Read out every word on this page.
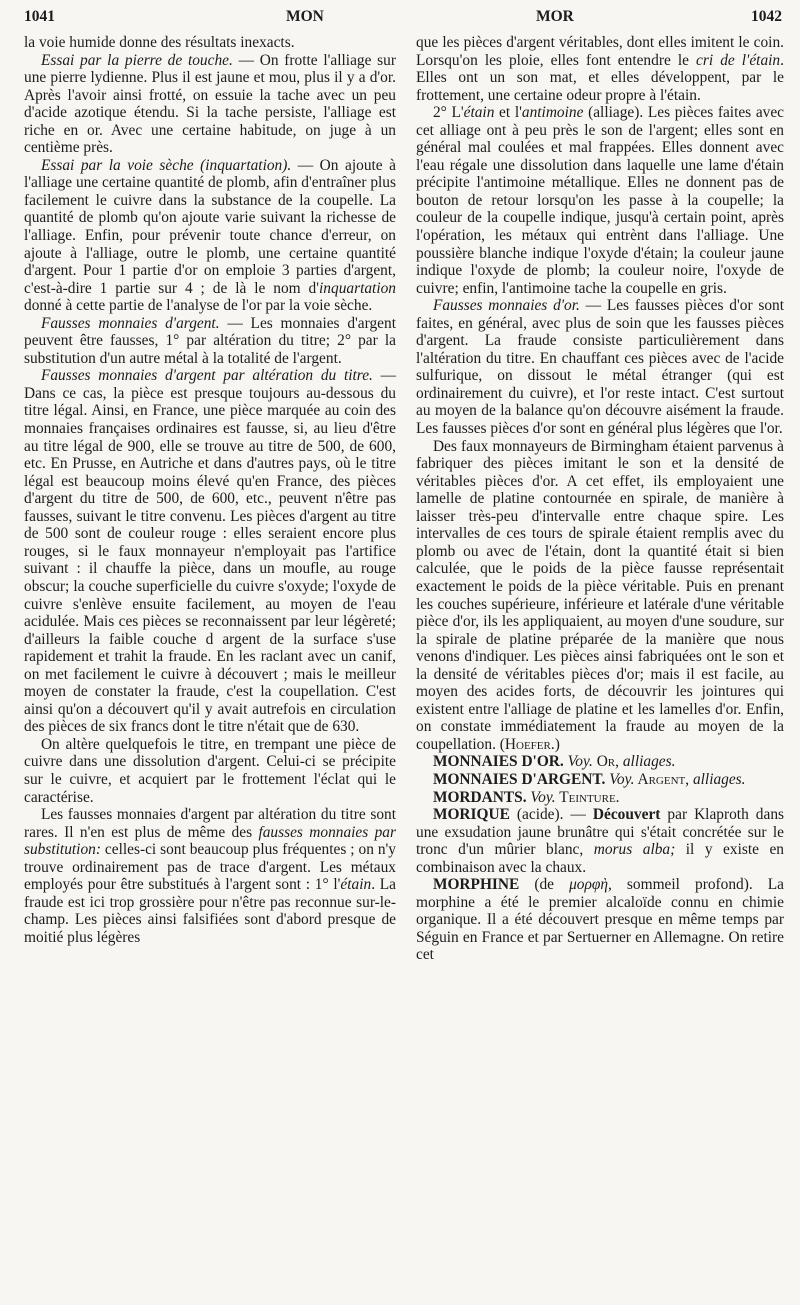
1041	MON	MOR	1042

la voie humide donne des résultats inexacts.

Essai par la pierre de touche. — On frotte l'alliage sur une pierre lydienne. Plus il est jaune et mou, plus il y a d'or. Après l'avoir ainsi frotté, on essuie la tache avec un peu d'acide azotique étendu. Si la tache persiste, l'alliage est riche en or. Avec une certaine habitude, on juge à un centième près.

Essai par la voie sèche (inquartation). — On ajoute à l'alliage une certaine quantité de plomb, afin d'entraîner plus facilement le cuivre dans la substance de la coupelle. La quantité de plomb qu'on ajoute varie suivant la richesse de l'alliage. Enfin, pour prévenir toute chance d'erreur, on ajoute à l'alliage, outre le plomb, une certaine quantité d'argent. Pour 1 partie d'or on emploie 3 parties d'argent, c'est-à-dire 1 partie sur 4 ; de là le nom d'inquartation donné à cette partie de l'analyse de l'or par la voie sèche.

Fausses monnaies d'argent. — Les monnaies d'argent peuvent être fausses, 1° par altération du titre; 2° par la substitution d'un autre métal à la totalité de l'argent.

Fausses monnaies d'argent par altération du titre. — Dans ce cas, la pièce est presque toujours au-dessous du titre légal. Ainsi, en France, une pièce marquée au coin des monnaies françaises ordinaires est fausse, si, au lieu d'être au titre légal de 900, elle se trouve au titre de 500, de 600, etc. En Prusse, en Autriche et dans d'autres pays, où le titre légal est beaucoup moins élevé qu'en France, des pièces d'argent du titre de 500, de 600, etc., peuvent n'être pas fausses, suivant le titre convenu. Les pièces d'argent au titre de 500 sont de couleur rouge : elles seraient encore plus rouges, si le faux monnayeur n'employait pas l'artifice suivant : il chauffe la pièce, dans un moufle, au rouge obscur; la couche superficielle du cuivre s'oxyde; l'oxyde de cuivre s'enlève ensuite facilement, au moyen de l'eau acidulée. Mais ces pièces se reconnaissent par leur légèreté; d'ailleurs la faible couche d argent de la surface s'use rapidement et trahit la fraude. En les raclant avec un canif, on met facilement le cuivre à découvert ; mais le meilleur moyen de constater la fraude, c'est la coupellation. C'est ainsi qu'on a découvert qu'il y avait autrefois en circulation des pièces de six francs dont le titre n'était que de 630.

On altère quelquefois le titre, en trempant une pièce de cuivre dans une dissolution d'argent. Celui-ci se précipite sur le cuivre, et acquiert par le frottement l'éclat qui le caractérise.

Les fausses monnaies d'argent par altération du titre sont rares. Il n'en est plus de même des fausses monnaies par substitution: celles-ci sont beaucoup plus fréquentes ; on n'y trouve ordinairement pas de trace d'argent. Les métaux employés pour être substitués à l'argent sont : 1° l'étain. La fraude est ici trop grossière pour n'être pas reconnue sur-le-champ. Les pièces ainsi falsifiées sont d'abord presque de moitié plus légères

que les pièces d'argent véritables, dont elles imitent le coin. Lorsqu'on les ploie, elles font entendre le cri de l'étain. Elles ont un son mat, et elles développent, par le frottement, une certaine odeur propre à l'étain.

2° L'étain et l'antimoine (alliage). Les pièces faites avec cet alliage ont à peu près le son de l'argent; elles sont en général mal coulées et mal frappées. Elles donnent avec l'eau régale une dissolution dans laquelle une lame d'étain précipite l'antimoine métallique. Elles ne donnent pas de bouton de retour lorsqu'on les passe à la coupelle; la couleur de la coupelle indique, jusqu'à certain point, après l'opération, les métaux qui entrènt dans l'alliage. Une poussière blanche indique l'oxyde d'étain; la couleur jaune indique l'oxyde de plomb; la couleur noire, l'oxyde de cuivre; enfin, l'antimoine tache la coupelle en gris.

Fausses monnaies d'or. — Les fausses pièces d'or sont faites, en général, avec plus de soin que les fausses pièces d'argent. La fraude consiste particulièrement dans l'altération du titre. En chauffant ces pièces avec de l'acide sulfurique, on dissout le métal étranger (qui est ordinairement du cuivre), et l'or reste intact. C'est surtout au moyen de la balance qu'on découvre aisément la fraude. Les fausses pièces d'or sont en général plus légères que l'or.

Des faux monnayeurs de Birmingham étaient parvenus à fabriquer des pièces imitant le son et la densité de véritables pièces d'or. A cet effet, ils employaient une lamelle de platine contournée en spirale, de manière à laisser très-peu d'intervalle entre chaque spire. Les intervalles de ces tours de spirale étaient remplis avec du plomb ou avec de l'étain, dont la quantité était si bien calculée, que le poids de la pièce fausse représentait exactement le poids de la pièce véritable. Puis en prenant les couches supérieure, inférieure et latérale d'une véritable pièce d'or, ils les appliquaient, au moyen d'une soudure, sur la spirale de platine préparée de la manière que nous venons d'indiquer. Les pièces ainsi fabriquées ont le son et la densité de véritables pièces d'or; mais il est facile, au moyen des acides forts, de découvrir les jointures qui existent entre l'alliage de platine et les lamelles d'or. Enfin, on constate immédiatement la fraude au moyen de la coupellation. (Hoefer.)

MONNAIES D'OR. Voy. Or, alliages.

MONNAIES D'ARGENT. Voy. Argent, alliages.

MORDANTS. Voy. Teinture.

MORIQUE (acide). — Découvert par Klaproth dans une exsudation jaune brunâtre qui s'était concrétée sur le tronc d'un mûrier blanc, morus alba; il y existe en combinaison avec la chaux.

MORPHINE (de μορφὴ, sommeil profond). La morphine a été le premier alcaloïde connu en chimie organique. Il a été découvert presque en même temps par Séguin en France et par Sertuerner en Allemagne. On retire cet
